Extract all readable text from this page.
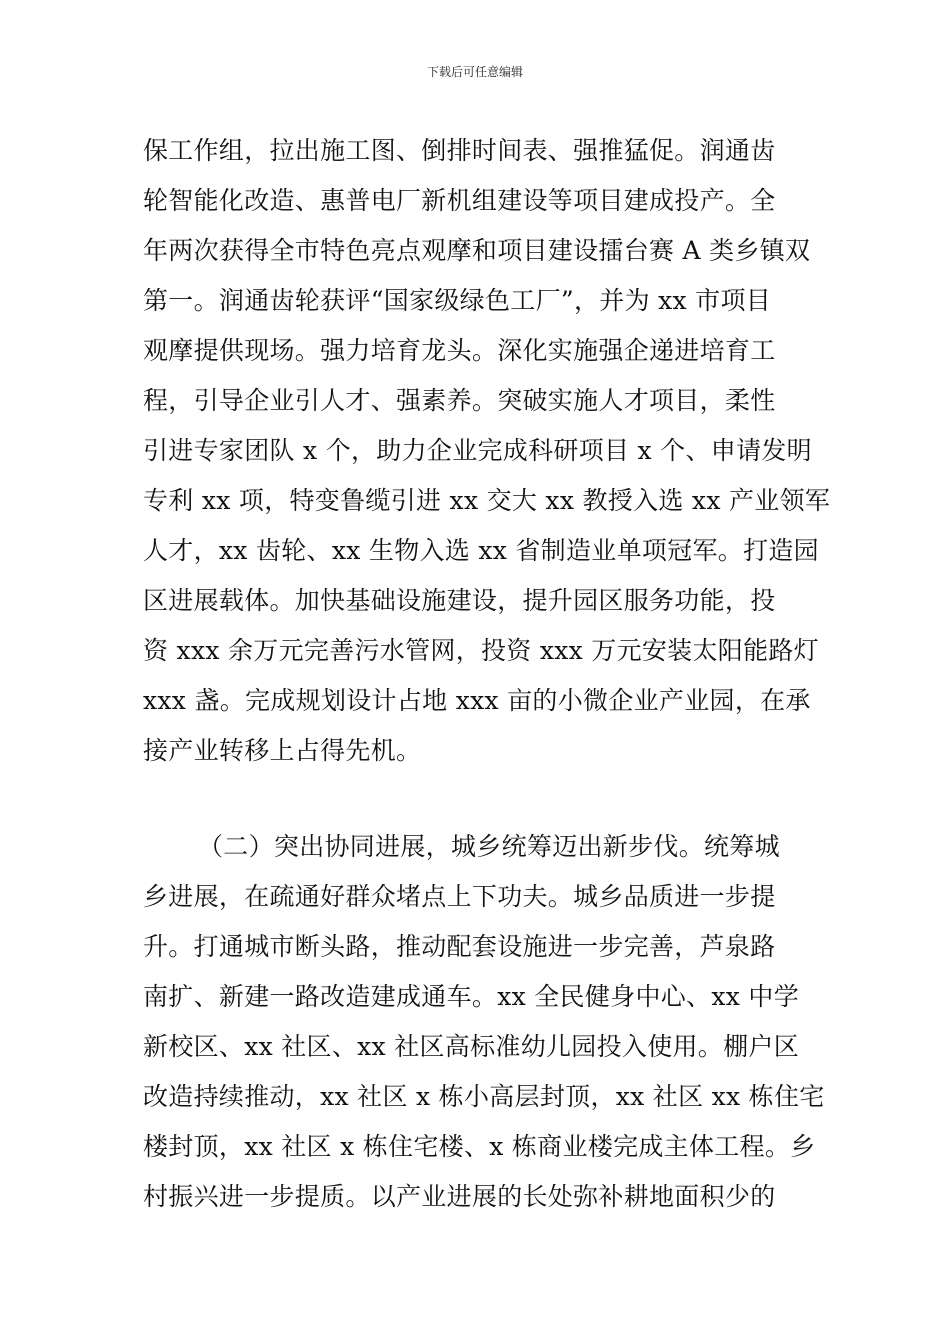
下载后可任意编辑
保工作组，拉出施工图、倒排时间表、强推猛促。润通齿
轮智能化改造、惠普电厂新机组建设等项目建成投产。全
年两次获得全市特色亮点观摩和项目建设擂台赛 A 类乡镇双
第一。润通齿轮获评“国家级绿色工厂”，并为 xx 市项目
观摩提供现场。强力培育龙头。深化实施强企递进培育工
程，引导企业引人才、强素养。突破实施人才项目，柔性
引进专家团队 x 个，助力企业完成科研项目 x 个、申请发明
专利 xx 项，特变鲁缆引进 xx 交大 xx 教授入选 xx 产业领军
人才，xx 齿轮、xx 生物入选 xx 省制造业单项冠军。打造园
区进展载体。加快基础设施建设，提升园区服务功能，投
资 xxx 余万元完善污水管网，投资 xxx 万元安装太阳能路灯
xxx 盏。完成规划设计占地 xxx 亩的小微企业产业园，在承
接产业转移上占得先机。
（二）突出协同进展，城乡统筹迈出新步伐。统筹城
乡进展，在疏通好群众堵点上下功夫。城乡品质进一步提
升。打通城市断头路，推动配套设施进一步完善，芦泉路
南扩、新建一路改造建成通车。xx 全民健身中心、xx 中学
新校区、xx 社区、xx 社区高标准幼儿园投入使用。棚户区
改造持续推动，xx 社区 x 栋小高层封顶，xx 社区 xx 栋住宅
楼封顶，xx 社区 x 栋住宅楼、x 栋商业楼完成主体工程。乡
村振兴进一步提质。以产业进展的长处弥补耕地面积少的
